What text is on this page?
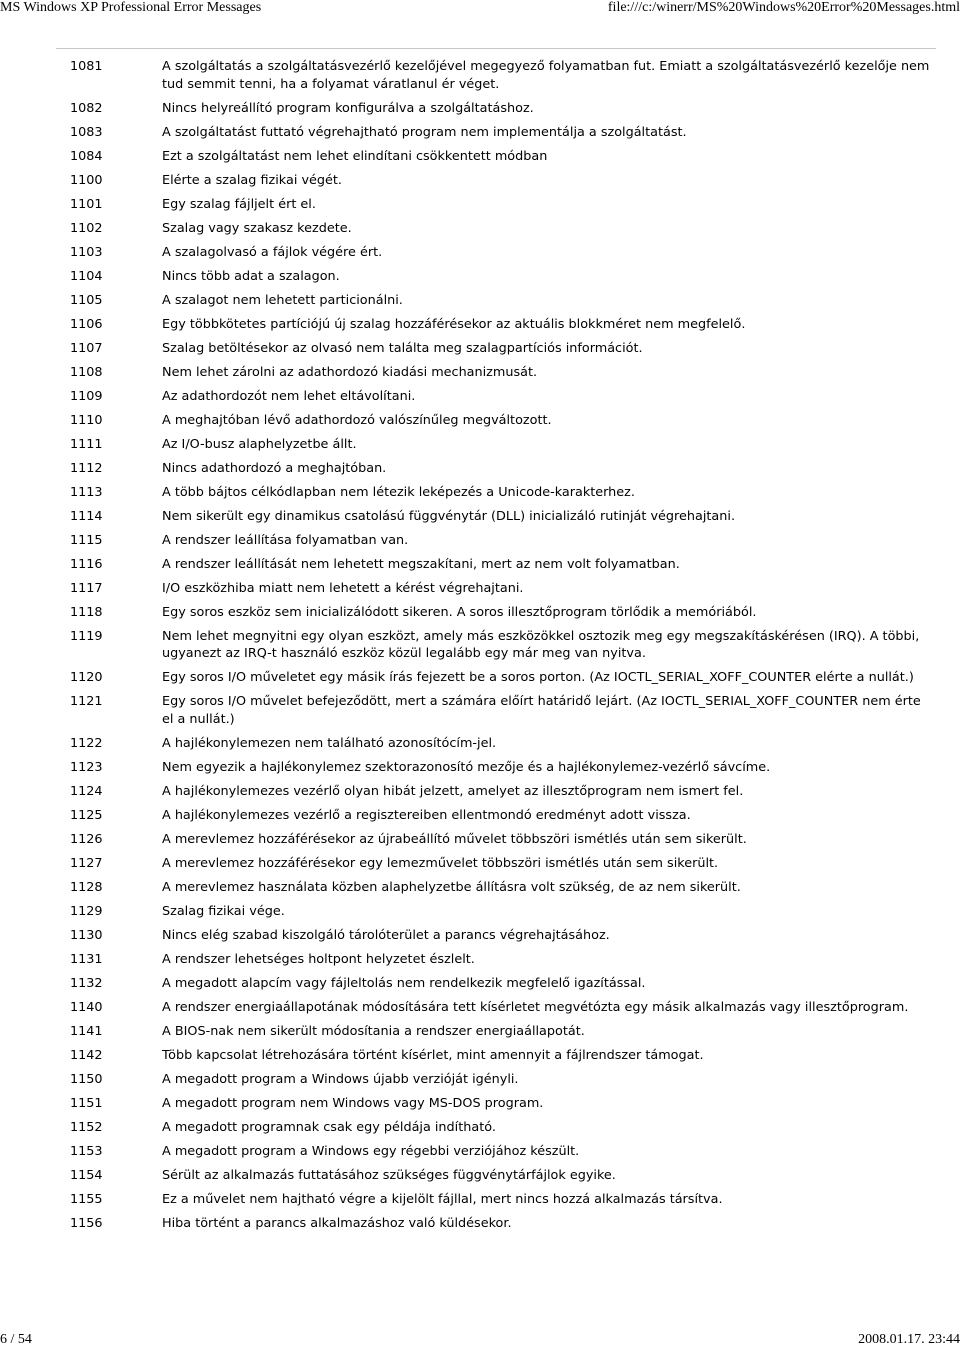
MS Windows XP Professional Error Messages	file:///c:/winerr/MS%20Windows%20Error%20Messages.html
1081	A szolgáltatás a szolgáltatásvezérlő kezelőjével megegyező folyamatban fut. Emiatt a szolgáltatásvezérlő kezelője nem tud semmit tenni, ha a folyamat váratlanul ér véget.
1082	Nincs helyreállító program konfigurálva a szolgáltatáshoz.
1083	A szolgáltatást futtató végrehajtható program nem implementálja a szolgáltatást.
1084	Ezt a szolgáltatást nem lehet elindítani csökkentett módban
1100	Elérte a szalag fizikai végét.
1101	Egy szalag fájljelt ért el.
1102	Szalag vagy szakasz kezdete.
1103	A szalagolvasó a fájlok végére ért.
1104	Nincs több adat a szalagon.
1105	A szalagot nem lehetett particionálni.
1106	Egy többkötetes partíciójú új szalag hozzáférésekor az aktuális blokkméret nem megfelelő.
1107	Szalag betöltésekor az olvasó nem találta meg szalagpartíciós információt.
1108	Nem lehet zárolni az adathordozó kiadási mechanizmusát.
1109	Az adathordozót nem lehet eltávolítani.
1110	A meghajtóban lévő adathordozó valószínűleg megváltozott.
1111	Az I/O-busz alaphelyzetbe állt.
1112	Nincs adathordozó a meghajtóban.
1113	A több bájtos célkódlapban nem létezik leképezés a Unicode-karakterhez.
1114	Nem sikerült egy dinamikus csatolású függvénytár (DLL) inicializáló rutinját végrehajtani.
1115	A rendszer leállítása folyamatban van.
1116	A rendszer leállítását nem lehetett megszakítani, mert az nem volt folyamatban.
1117	I/O eszközhiba miatt nem lehetett a kérést végrehajtani.
1118	Egy soros eszköz sem inicializálódott sikeren. A soros illesztőprogram törlődik a memóriából.
1119	Nem lehet megnyitni egy olyan eszközt, amely más eszközökkel osztozik meg egy megszakításkérésen (IRQ). A többi, ugyanezt az IRQ-t használó eszköz közül legalább egy már meg van nyitva.
1120	Egy soros I/O műveletet egy másik írás fejezett be a soros porton. (Az IOCTL_SERIAL_XOFF_COUNTER elérte a nullát.)
1121	Egy soros I/O művelet befejeződött, mert a számára előírt határidő lejárt. (Az IOCTL_SERIAL_XOFF_COUNTER nem érte el a nullát.)
1122	A hajlékonylemezen nem található azonosítócím-jel.
1123	Nem egyezik a hajlékonylemez szektorazonosító mezője és a hajlékonylemez-vezérlő sávcíme.
1124	A hajlékonylemezes vezérlő olyan hibát jelzett, amelyet az illesztőprogram nem ismert fel.
1125	A hajlékonylemezes vezérlő a regisztereiben ellentmondó eredményt adott vissza.
1126	A merevlemez hozzáférésekor az újrabeállító művelet többszöri ismétlés után sem sikerült.
1127	A merevlemez hozzáférésekor egy lemezművelet többszöri ismétlés után sem sikerült.
1128	A merevlemez használata közben alaphelyzetbe állításra volt szükség, de az nem sikerült.
1129	Szalag fizikai vége.
1130	Nincs elég szabad kiszolgáló tárolóterület a parancs végrehajtásához.
1131	A rendszer lehetséges holtpont helyzetet észlelt.
1132	A megadott alapcím vagy fájleltolás nem rendelkezik megfelelő igazítással.
1140	A rendszer energiaállapotának módosítására tett kísérletet megvétózta egy másik alkalmazás vagy illesztőprogram.
1141	A BIOS-nak nem sikerült módosítania a rendszer energiaállapotát.
1142	Több kapcsolat létrehozására történt kísérlet, mint amennyit a fájlrendszer támogat.
1150	A megadott program a Windows újabb verzióját igényli.
1151	A megadott program nem Windows vagy MS-DOS program.
1152	A megadott programnak csak egy példája indítható.
1153	A megadott program a Windows egy régebbi verziójához készült.
1154	Sérült az alkalmazás futtatásához szükséges függvénytárfájlok egyike.
1155	Ez a művelet nem hajtható végre a kijelölt fájllal, mert nincs hozzá alkalmazás társítva.
1156	Hiba történt a parancs alkalmazáshoz való küldésekor.
6 / 54	2008.01.17. 23:44
